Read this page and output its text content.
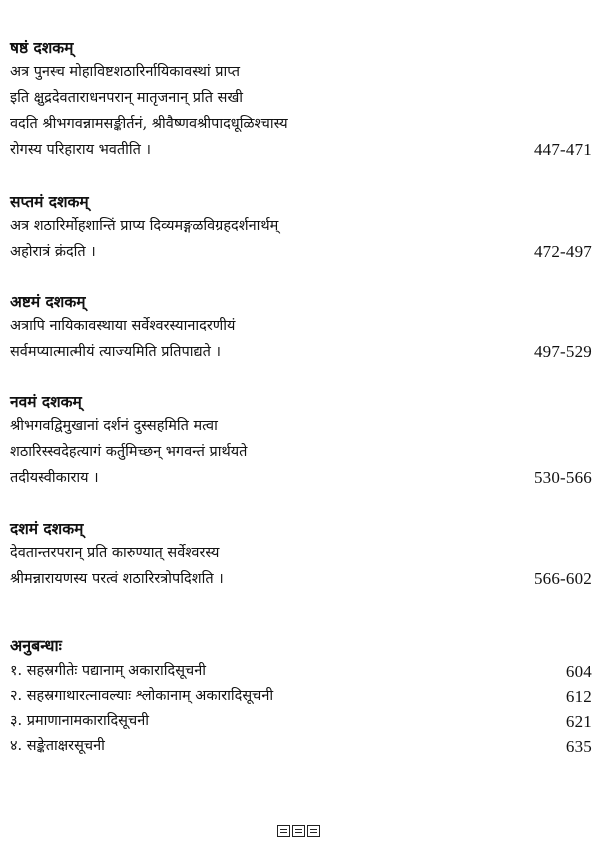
षष्ठं दशकम्
अत्र पुनस्च मोहाविष्टशठारिर्नायिकावस्थां प्राप्त
इति क्षुद्रदेवताराधनपरान् मातृजनान् प्रति सखी
वदति श्रीभगवन्नामसङ्कीर्तनं, श्रीवैष्णवश्रीपादधूळिश्चास्य
रोगस्य परिहाराय भवतीति ।	447-471
सप्तमं दशकम्
अत्र शठारिर्मोहशान्तिं प्राप्य दिव्यमङ्गळविग्रहदर्शनार्थम्
अहोरात्रं क्रंदति ।	472-497
अष्टमं दशकम्
अत्रापि नायिकावस्थाया सर्वेश्वरस्यानादरणीयं
सर्वमप्यात्मात्मीयं त्याज्यमिति प्रतिपाद्यते ।	497-529
नवमं दशकम्
श्रीभगवद्विमुखानां दर्शनं दुस्सहमिति मत्वा
शठारिस्स्वदेहत्यागं कर्तुमिच्छन् भगवन्तं प्रार्थयते
तदीयस्वीकाराय ।	530-566
दशमं दशकम्
देवतान्तरपरान् प्रति कारुण्यात् सर्वेश्वरस्य
श्रीमन्नारायणस्य परत्वं शठारिरत्रोपदिशति ।	566-602
अनुबन्धाः
१. सहस्रगीतेः पद्यानाम् अकारादिसूचनी	604
२. सहस्रगाथारत्नावल्याः श्लोकानाम् अकारादिसूचनी	612
३. प्रमाणानामकारादिसूचनी	621
४. सङ्केताक्षरसूचनी	635
